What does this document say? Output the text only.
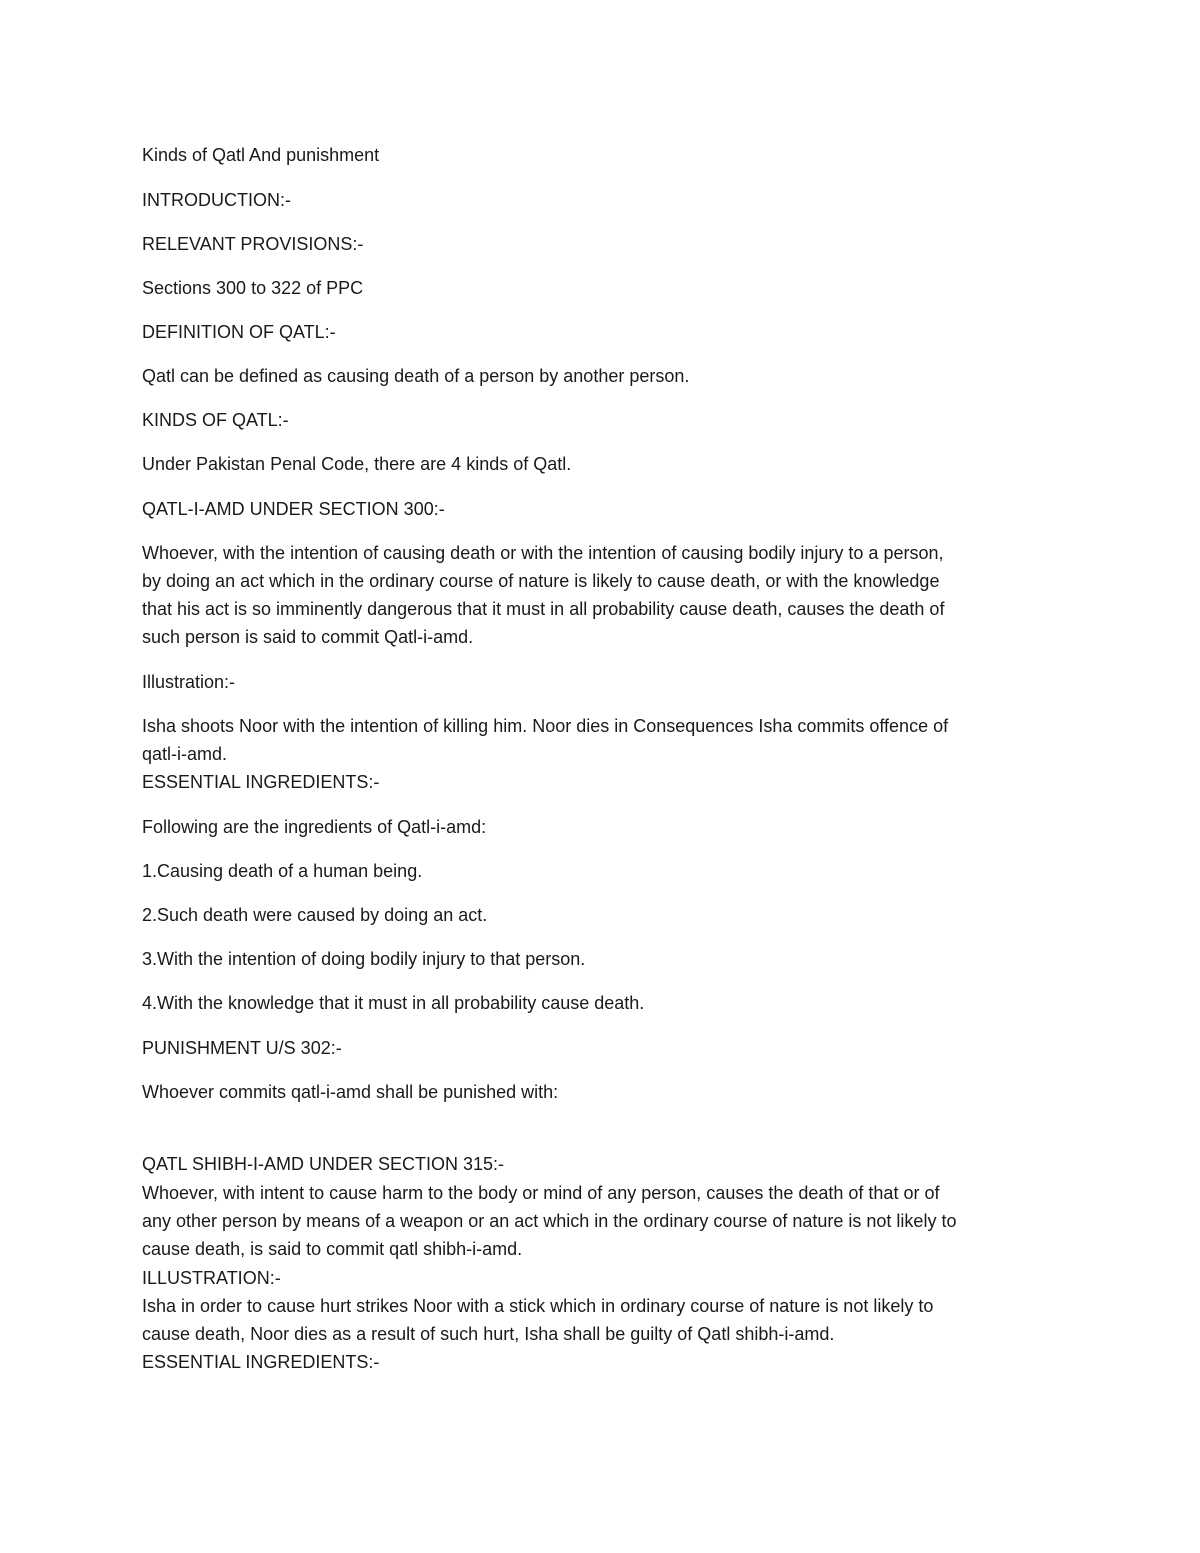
Kinds of Qatl And punishment

INTRODUCTION:-

RELEVANT PROVISIONS:-

Sections 300 to 322 of PPC

DEFINITION OF QATL:-

Qatl can be defined as causing death of a person by another person.

KINDS OF QATL:-

Under Pakistan Penal Code, there are 4 kinds of Qatl.

QATL-I-AMD UNDER SECTION 300:-

Whoever, with the intention of causing death or with the intention of causing bodily injury to a person,

by doing an act which in the ordinary course of nature is likely to cause death, or with the knowledge

that his act is so imminently dangerous that it must in all probability cause death, causes the death of

such person is said to commit Qatl-i-amd.

Illustration:-

Isha shoots Noor with the intention of killing him. Noor dies in Consequences Isha commits offence of

qatl-i-amd.

ESSENTIAL INGREDIENTS:-

Following are the ingredients of Qatl-i-amd:

1.Causing death of a human being.

2.Such death were caused by doing an act.

3.With the intention of doing bodily injury to that person.

4.With the knowledge that it must in all probability cause death.

PUNISHMENT U/S 302:-

Whoever commits qatl-i-amd shall be punished with:

QATL SHIBH-I-AMD UNDER SECTION 315:-

Whoever, with intent to cause harm to the body or mind of any person, causes the death of that or of

any other person by means of a weapon or an act which in the ordinary course of nature is not likely to

cause death, is said to commit qatl shibh-i-amd.

ILLUSTRATION:-

Isha in order to cause hurt strikes Noor with a stick which in ordinary course of nature is not likely to

cause death, Noor dies as a result of such hurt, Isha shall be guilty of Qatl shibh-i-amd.

ESSENTIAL INGREDIENTS:-
